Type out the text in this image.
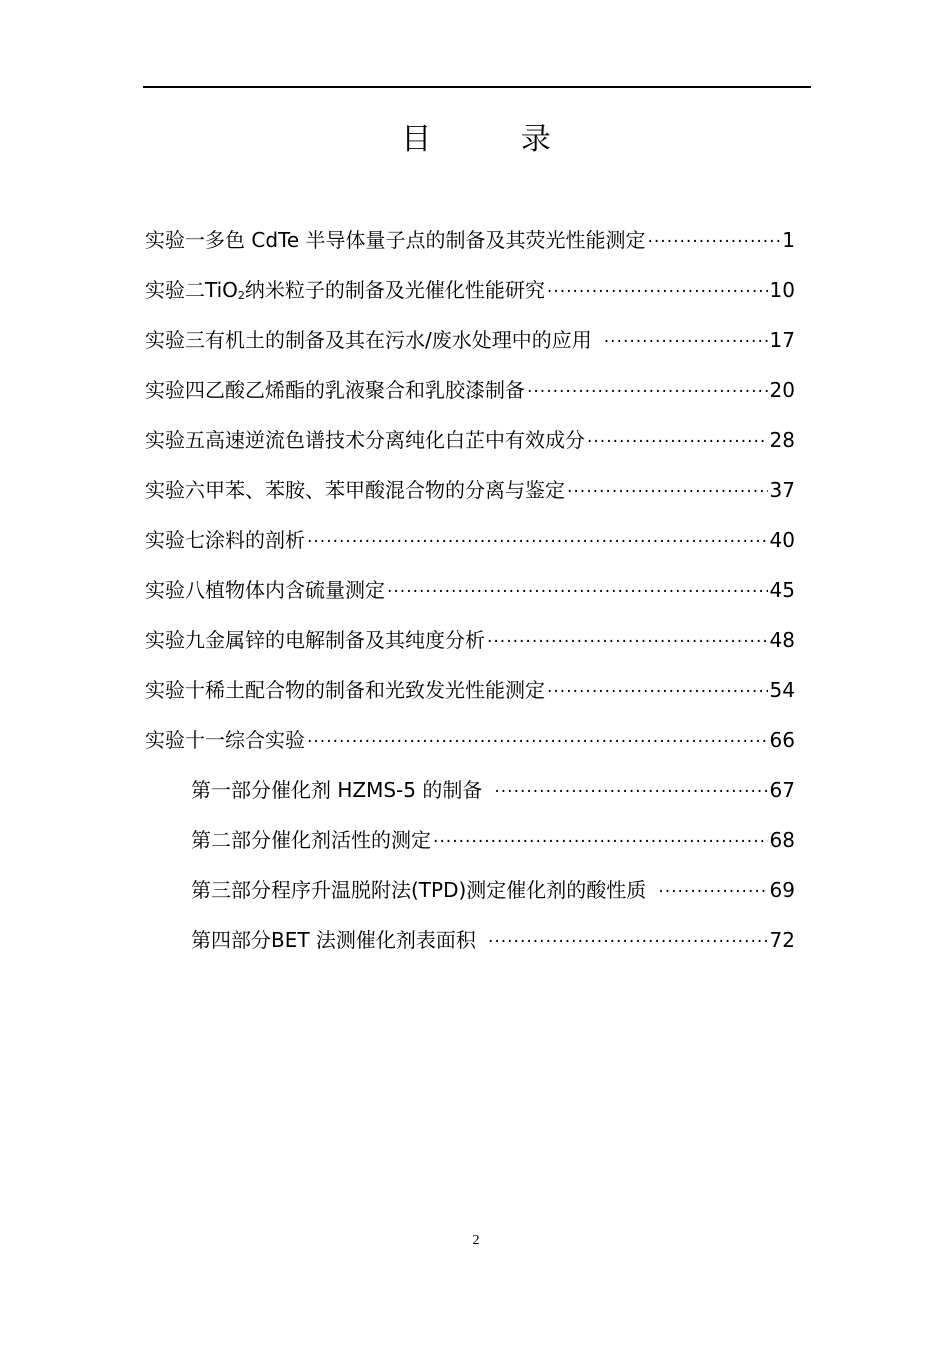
目 录
实验一 多色 CdTe 半导体量子点的制备及其荧光性能测定 ·····	1
实验二 TiO$_2$纳米粒子的制备及光催化性能研究 ·····	10
实验三 有机土的制备及其在污水/废水处理中的应用 ·····	17
实验四 乙酸乙烯酯的乳液聚合和乳胶漆制备 ·····	20
实验五 高速逆流色谱技术分离纯化白芷中有效成分 ·····	28
实验六 甲苯、苯胺、苯甲酸混合物的分离与鉴定 ·····	37
实验七 涂料的剖析 ·····	40
实验八 植物体内含硫量测定 ·····	45
实验九 金属锌的电解制备及其纯度分析 ·····	48
实验十 稀土配合物的制备和光致发光性能测定 ·····	54
实验十一 综合实验 ·····	66
第一部分 催化剂 HZMS-5 的制备 ·····	67
第二部分 催化剂活性的测定 ·····	68
第三部分 程序升温脱附法(TPD)测定催化剂的酸性质 ·····	69
第四部分 BET 法测催化剂表面积 ·····	72
2
